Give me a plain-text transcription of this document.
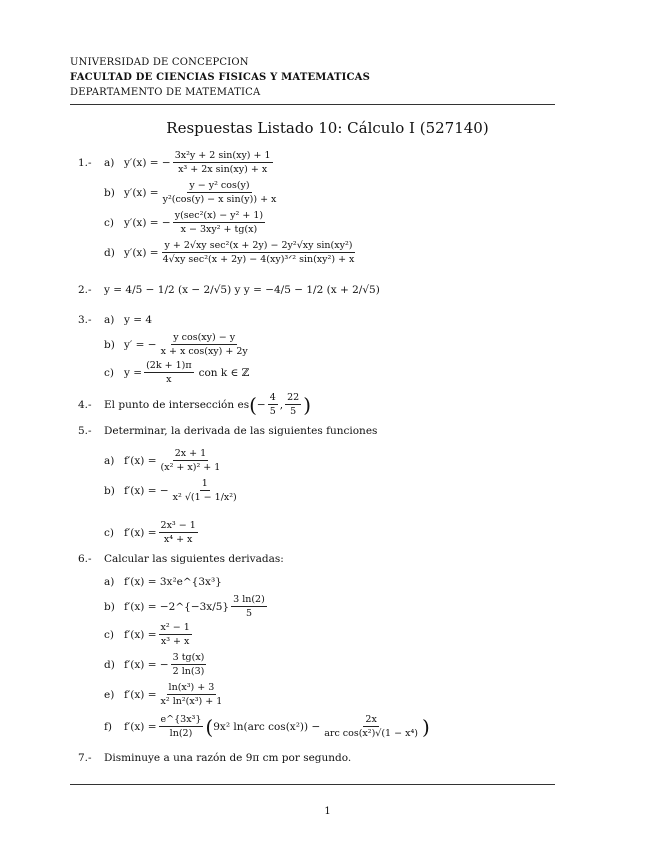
UNIVERSIDAD DE CONCEPCION
FACULTAD DE CIENCIAS FISICAS Y MATEMATICAS
DEPARTAMENTO DE MATEMATICA
Respuestas Listado 10: Cálculo I (527140)
1.-	a) y′(x) = − $\frac{\text{3x²y + 2 sin(xy) + 1}}{\text{x³ + 2x sin(xy) + x}}$
b) $y'(x) = \frac{\text{y − y² cos(y)}}{\text{y²(cos(y) − x sin(y)) + x}}$
c) y′(x) = −
y(sec²(x) − y² + 1)
x − 3xy² + tg(x)
d) y′(x) =
y + 2√xy sec²(x + 2y) − 2y²√xy sin(xy²)
4√xy sec²(x + 2y) − 4(xy)³ᐟ² sin(xy²) + x
2.-	y = 4/5 − 1/2 (x − 2/√5) y y = −4/5 − 1/2 (x + 2/√5)
3.-	a) y = 4
b) y′ = − $\frac{\text{y cos(xy) − y}}{\text{x + x cos(xy) + 2y}}$
c) $y = \frac{(2k + 1)\pi}{x}$ con k ∈ ℤ
4.-	El punto de intersección es ( − $\frac{4}{5}$ , $\frac{22}{5}$ )
5.-	Determinar, la derivada de las siguientes funciones
a) $f'(x) = \frac{2x + 1}{\text{(x² + x)² + 1}}$
b) f′(x) = − $\frac{1}{\text{x² √(1 − 1/x²)}}$
c) $f'(x) = \frac{\text{2x³ − 1}}{\text{x⁴ + x}}$
6.-	Calcular las siguientes derivadas:
a) f′(x) = 3x²e^{3x³}
b) f′(x) = −2^{−3x/5} $\frac{3 \ln(2)}{5}$
c) $f'(x) = \frac{\text{x² − 1}}{\text{x³ + x}}$
d) f′(x) = − $\frac{3 tg(x)}{2 \ln(3)}$
e) $f'(x) = \frac{\text{ln(x³) + 3}}{\text{x² ln²(x³) + 1}}$
f)	$f'(x) = \frac{\text{e\textasciicircum{}\{3x³\}}}{\ln(2)}$ ( 9x² ln(arc cos(x²)) −
2x
arc cos(x²)√(1 − x⁴) )
7.-	Disminuye a una razón de 9π cm por segundo.
1
